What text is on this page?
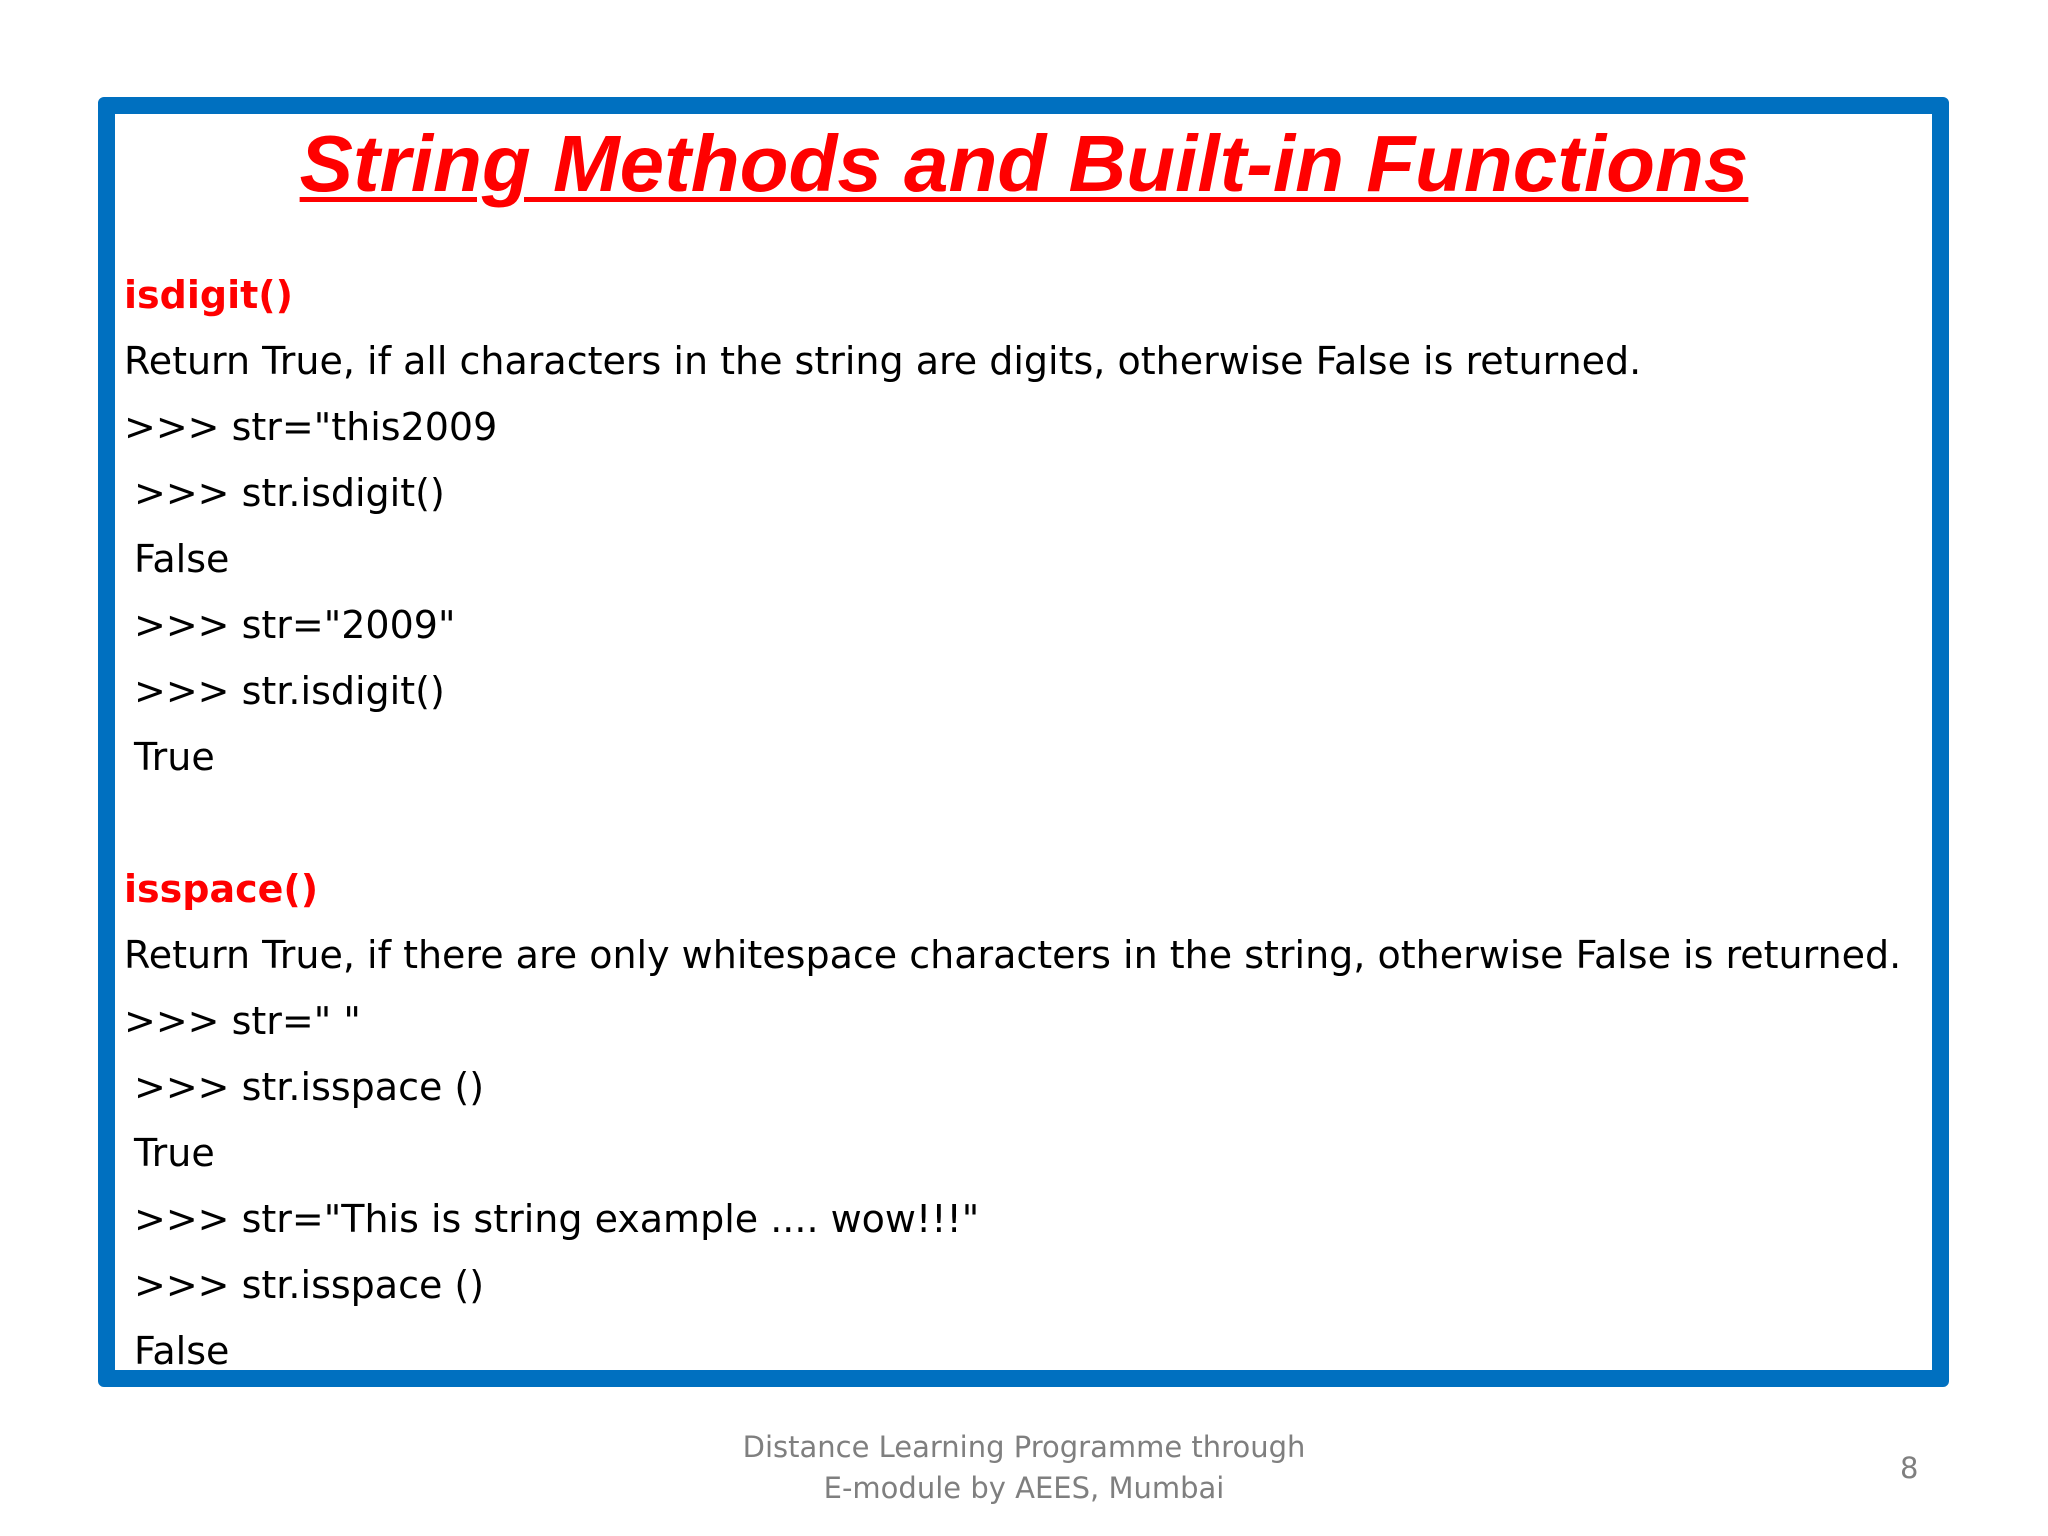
String Methods and Built-in Functions
isdigit()
Return True, if all characters in the string are digits, otherwise False is returned.
>>> str="this2009
>>> str.isdigit()
False
>>> str="2009"
>>> str.isdigit()
True
isspace()
Return True, if there are only whitespace characters in the string, otherwise False is returned.
>>> str=" "
>>> str.isspace ()
True
>>> str="This is string example .... wow!!!"
>>> str.isspace ()
False
Distance Learning Programme through
E-module by AEES, Mumbai
8
